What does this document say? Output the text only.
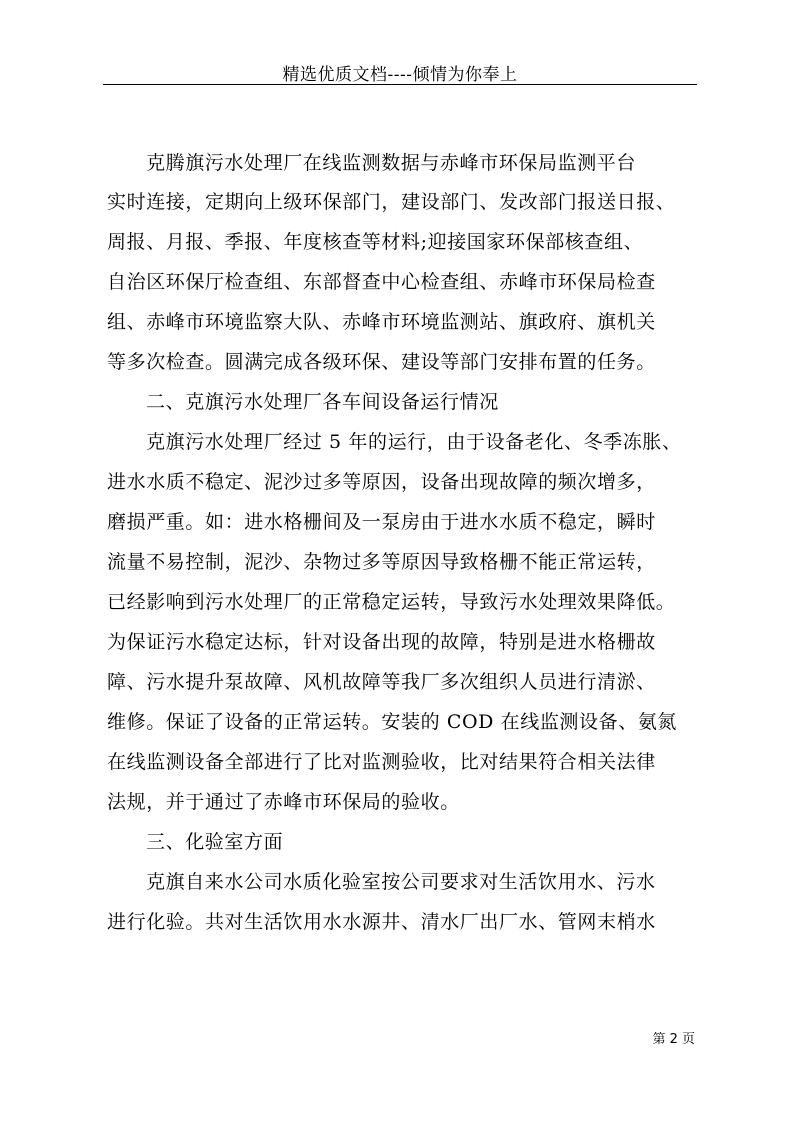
精选优质文档----倾情为你奉上
克腾旗污水处理厂在线监测数据与赤峰市环保局监测平台
实时连接，定期向上级环保部门，建设部门、发改部门报送日报、
周报、月报、季报、年度核查等材料;迎接国家环保部核查组、
自治区环保厅检查组、东部督查中心检查组、赤峰市环保局检查
组、赤峰市环境监察大队、赤峰市环境监测站、旗政府、旗机关
等多次检查。圆满完成各级环保、建设等部门安排布置的任务。
二、克旗污水处理厂各车间设备运行情况
克旗污水处理厂经过 5 年的运行，由于设备老化、冬季冻胀、
进水水质不稳定、泥沙过多等原因，设备出现故障的频次增多，
磨损严重。如：进水格栅间及一泵房由于进水水质不稳定，瞬时
流量不易控制，泥沙、杂物过多等原因导致格栅不能正常运转，
已经影响到污水处理厂的正常稳定运转，导致污水处理效果降低。
为保证污水稳定达标，针对设备出现的故障，特别是进水格栅故
障、污水提升泵故障、风机故障等我厂多次组织人员进行清淤、
维修。保证了设备的正常运转。安装的 COD 在线监测设备、氨氮
在线监测设备全部进行了比对监测验收，比对结果符合相关法律
法规，并于通过了赤峰市环保局的验收。
三、化验室方面
克旗自来水公司水质化验室按公司要求对生活饮用水、污水
进行化验。共对生活饮用水水源井、清水厂出厂水、管网末梢水
第 2 页
